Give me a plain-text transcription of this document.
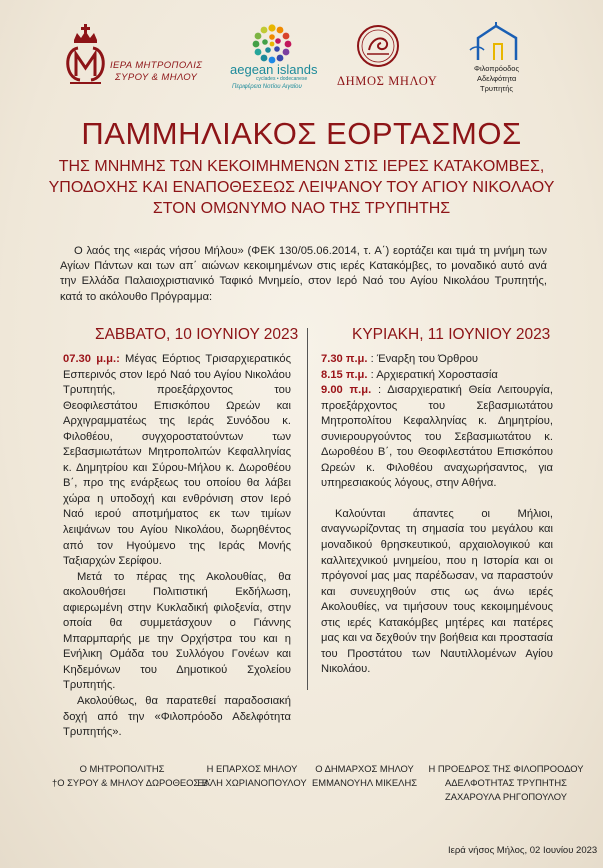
ΙΕΡΑ ΜΗΤΡΟΠΟΛΙΣ
ΣΥΡΟΥ & ΜΗΛΟΥ
aegean islands
cyclades • dodecanese
Περιφέρεια Νοτίου Αιγαίου	ΔΗΜΟΣ ΜΗΛΟΥ
Φιλοπρόοδος
Αδελφότητα
Τρυπητής
ΠΑΜΜΗΛΙΑΚΟΣ ΕΟΡΤΑΣΜΟΣ
ΤΗΣ ΜΝΗΜΗΣ ΤΩΝ ΚΕΚΟΙΜΗΜΕΝΩΝ ΣΤΙΣ ΙΕΡΕΣ ΚΑΤΑΚΟΜΒΕΣ,
ΥΠΟΔΟΧΗΣ ΚΑΙ ΕΝΑΠΟΘΕΣΕΩΣ ΛΕΙΨΑΝΟΥ ΤΟΥ ΑΓΙΟΥ ΝΙΚΟΛΑΟΥ
ΣΤΟΝ ΟΜΩΝΥΜΟ ΝΑΟ ΤΗΣ ΤΡΥΠΗΤΗΣ
Ο λαός της «ιεράς νήσου Μήλου» (ΦΕΚ 130/05.06.2014, τ. Α΄) εορτάζει και τιμά τη μνήμη των Αγίων Πάντων και των απ΄ αιώνων κεκοιμημένων στις ιερές Κατακόμβες, το μοναδικό αυτό ανά την Ελλάδα Παλαιοχριστιανικό Ταφικό Μνημείο, στον Ιερό Ναό του Αγίου Νικολάου Τρυπητής, κατά το ακόλουθο Πρόγραμμα:
ΣΑΒΒΑΤΟ, 10 ΙΟΥΝΙΟΥ 2023	ΚΥΡΙΑΚΗ, 11 ΙΟΥΝΙΟΥ 2023

07.30 μ.μ.: Μέγας Εόρτιος Τρισαρχιερατικός Εσπερινός στον Ιερό Ναό του Αγίου Νικολάου Τρυπητής, προεξάρχοντος του Θεοφιλεστάτου Επισκόπου Ωρεών και Αρχιγραμματέως της Ιεράς Συνόδου κ. Φιλοθέου, συγχοροστατούντων των Σεβασμιωτάτων Μητροπολιτών Κεφαλληνίας κ. Δημητρίου και Σύρου-Μήλου κ. Δωροθέου Β΄, προ της ενάρξεως του οποίου θα λάβει χώρα η υποδοχή και ενθρόνιση στον Ιερό Ναό ιερού αποτμήματος εκ των τιμίων λειψάνων του Αγίου Νικολάου, δωρηθέντος από τον Ηγούμενο της Ιεράς Μονής Ταξιαρχών Σερίφου.

Μετά το πέρας της Ακολουθίας, θα ακολουθήσει Πολιτιστική Εκδήλωση, αφιερωμένη στην Κυκλαδική φιλοξενία, στην οποία θα συμμετάσχουν ο Γιάννης Μπαρμπαρής με την Ορχήστρα του και η Ενήλικη Ομάδα του Συλλόγου Γονέων και Κηδεμόνων του Δημοτικού Σχολείου Τρυπητής.

Ακολούθως, θα παρατεθεί παραδοσιακή δοχή από την «Φιλοπρόοδο Αδελφότητα Τρυπητής».

7.30 π.μ. : Έναρξη του Όρθρου

8.15 π.μ. : Αρχιερατική Χοροστασία

9.00 π.μ. : Δισαρχιερατική Θεία Λειτουργία, προεξάρχοντος του Σεβασμιωτάτου Μητροπολίτου Κεφαλληνίας κ. Δημητρίου, συνιερουργούντος του Σεβασμιωτάτου κ. Δωροθέου Β΄, του Θεοφιλεστάτου Επισκόπου Ωρεών κ. Φιλοθέου αναχωρήσαντος, για υπηρεσιακούς λόγους, στην Αθήνα.

Καλούνται άπαντες οι Μήλιοι, αναγνωρίζοντας τη σημασία του μεγάλου και μοναδικού θρησκευτικού, αρχαιολογικού και καλλιτεχνικού μνημείου, που η Ιστορία και οι πρόγονοί μας μας παρέδωσαν, να παραστούν και συνευχηθούν στις ως άνω ιερές Ακολουθίες, να τιμήσουν τους κεκοιμημένους στις ιερές Κατακόμβες μητέρες και πατέρες μας και να δεχθούν την βοήθεια και προστασία του Προστάτου των Ναυτιλλομένων Αγίου Νικολάου.

Ο ΜΗΤΡΟΠΟΛΙΤΗΣ
†Ο ΣΥΡΟΥ & ΜΗΛΟΥ ΔΩΡΟΘΕΟΣ Β΄
Η ΕΠΑΡΧΟΣ ΜΗΛΟΥ
ΕΛΛΗ ΧΩΡΙΑΝΟΠΟΥΛΟΥ
Ο ΔΗΜΑΡΧΟΣ ΜΗΛΟΥ
ΕΜΜΑΝΟΥΗΛ ΜΙΚΕΛΗΣ
Η ΠΡΟΕΔΡΟΣ ΤΗΣ ΦΙΛΟΠΡΟΟΔΟΥ
ΑΔΕΛΦΟΤΗΤΑΣ ΤΡΥΠΗΤΗΣ
ΖΑΧΑΡΟΥΛΑ ΡΗΓΟΠΟΥΛΟΥ
Ιερά νήσος Μήλος, 02 Ιουνίου 2023
